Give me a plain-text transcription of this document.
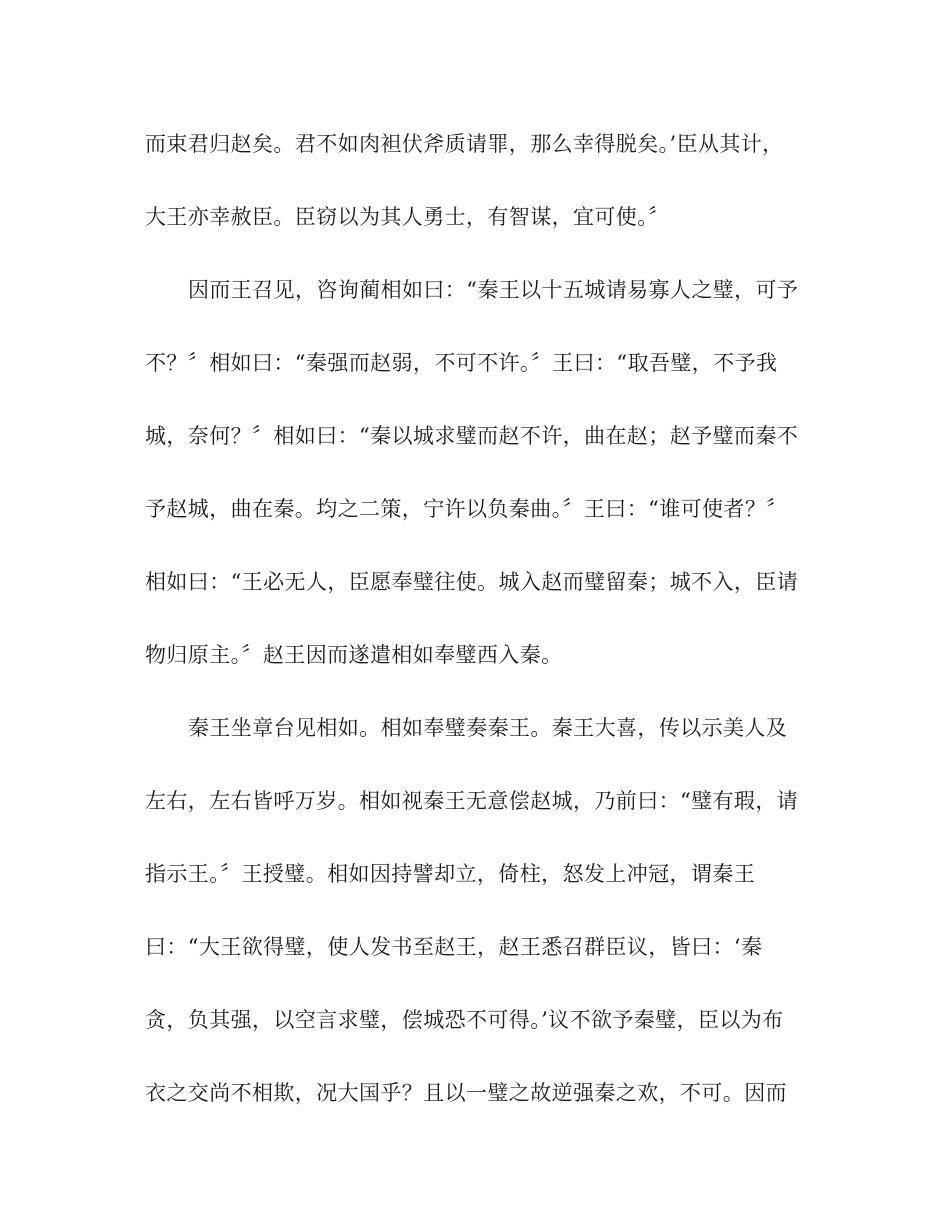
而束君归赵矣。君不如肉袒伏斧质请罪，那么幸得脱矣。’臣从其计，
大王亦幸赦臣。臣窃以为其人勇士，有智谋，宜可使。〞
因而王召见，咨询蔺相如曰：“秦王以十五城请易寡人之璧，可予
不？〞相如曰：“秦强而赵弱，不可不许。〞王曰：“取吾璧，不予我
城，奈何？〞相如曰：“秦以城求璧而赵不许，曲在赵；赵予璧而秦不
予赵城，曲在秦。均之二策，宁许以负秦曲。〞王曰：“谁可使者？〞
相如曰：“王必无人，臣愿奉璧往使。城入赵而璧留秦；城不入，臣请
物归原主。〞赵王因而遂遣相如奉璧西入秦。
秦王坐章台见相如。相如奉璧奏秦王。秦王大喜，传以示美人及
左右，左右皆呼万岁。相如视秦王无意偿赵城，乃前曰：“璧有瑕，请
指示王。〞王授璧。相如因持譬却立，倚柱，怒发上冲冠，谓秦王
曰：“大王欲得璧，使人发书至赵王，赵王悉召群臣议，皆曰：‘秦
贪，负其强，以空言求璧，偿城恐不可得。’议不欲予秦璧，臣以为布
衣之交尚不相欺，况大国乎？且以一璧之故逆强秦之欢，不可。因而
